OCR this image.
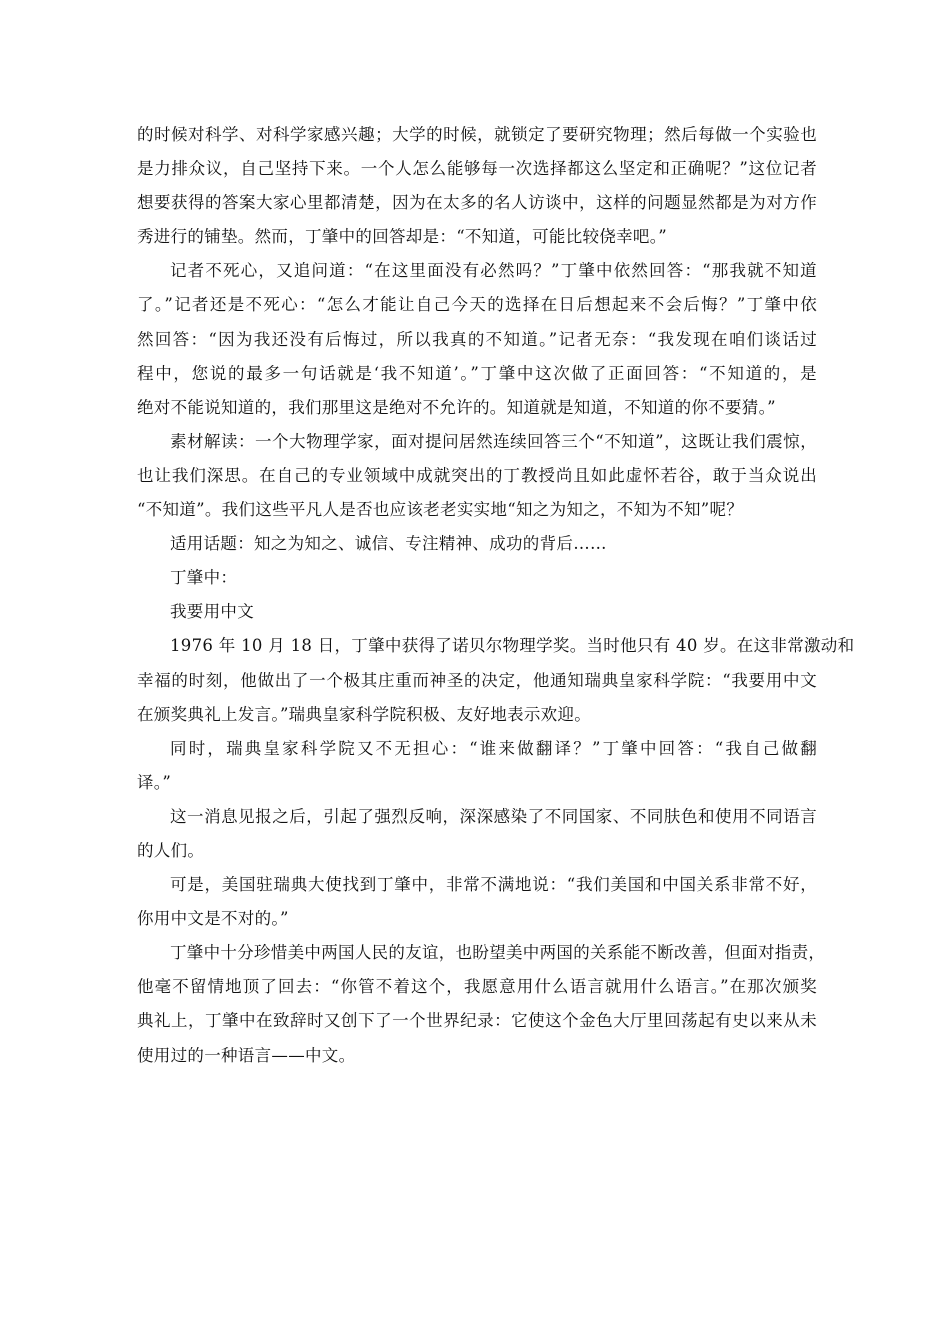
的时候对科学、对科学家感兴趣；大学的时候，就锁定了要研究物理；然后每做一个实验也
是力排众议，自己坚持下来。一个人怎么能够每一次选择都这么坚定和正确呢？”这位记者
想要获得的答案大家心里都清楚，因为在太多的名人访谈中，这样的问题显然都是为对方作
秀进行的铺垫。然而，丁肇中的回答却是：“不知道，可能比较侥幸吧。”

记者不死心，又追问道：“在这里面没有必然吗？”丁肇中依然回答：“那我就不知道
了。”记者还是不死心：“怎么才能让自己今天的选择在日后想起来不会后悔？”丁肇中依
然回答：“因为我还没有后悔过，所以我真的不知道。”记者无奈：“我发现在咱们谈话过
程中，您说的最多一句话就是‘我不知道’。”丁肇中这次做了正面回答：“不知道的，是
绝对不能说知道的，我们那里这是绝对不允许的。知道就是知道，不知道的你不要猜。”

素材解读：一个大物理学家，面对提问居然连续回答三个“不知道”，这既让我们震惊，
也让我们深思。在自己的专业领域中成就突出的丁教授尚且如此虚怀若谷，敢于当众说出
“不知道”。我们这些平凡人是否也应该老老实实地“知之为知之，不知为不知”呢？

适用话题：知之为知之、诚信、专注精神、成功的背后……

丁肇中：

我要用中文

1976 年 10 月 18 日，丁肇中获得了诺贝尔物理学奖。当时他只有 40 岁。在这非常激动和
幸福的时刻，他做出了一个极其庄重而神圣的决定，他通知瑞典皇家科学院：“我要用中文
在颁奖典礼上发言。”瑞典皇家科学院积极、友好地表示欢迎。

同时，瑞典皇家科学院又不无担心：“谁来做翻译？”丁肇中回答：“我自己做翻
译。”

这一消息见报之后，引起了强烈反响，深深感染了不同国家、不同肤色和使用不同语言
的人们。

可是，美国驻瑞典大使找到丁肇中，非常不满地说：“我们美国和中国关系非常不好，
你用中文是不对的。”

丁肇中十分珍惜美中两国人民的友谊，也盼望美中两国的关系能不断改善，但面对指责，
他毫不留情地顶了回去：“你管不着这个，我愿意用什么语言就用什么语言。”在那次颁奖
典礼上，丁肇中在致辞时又创下了一个世界纪录：它使这个金色大厅里回荡起有史以来从未
使用过的一种语言——中文。
